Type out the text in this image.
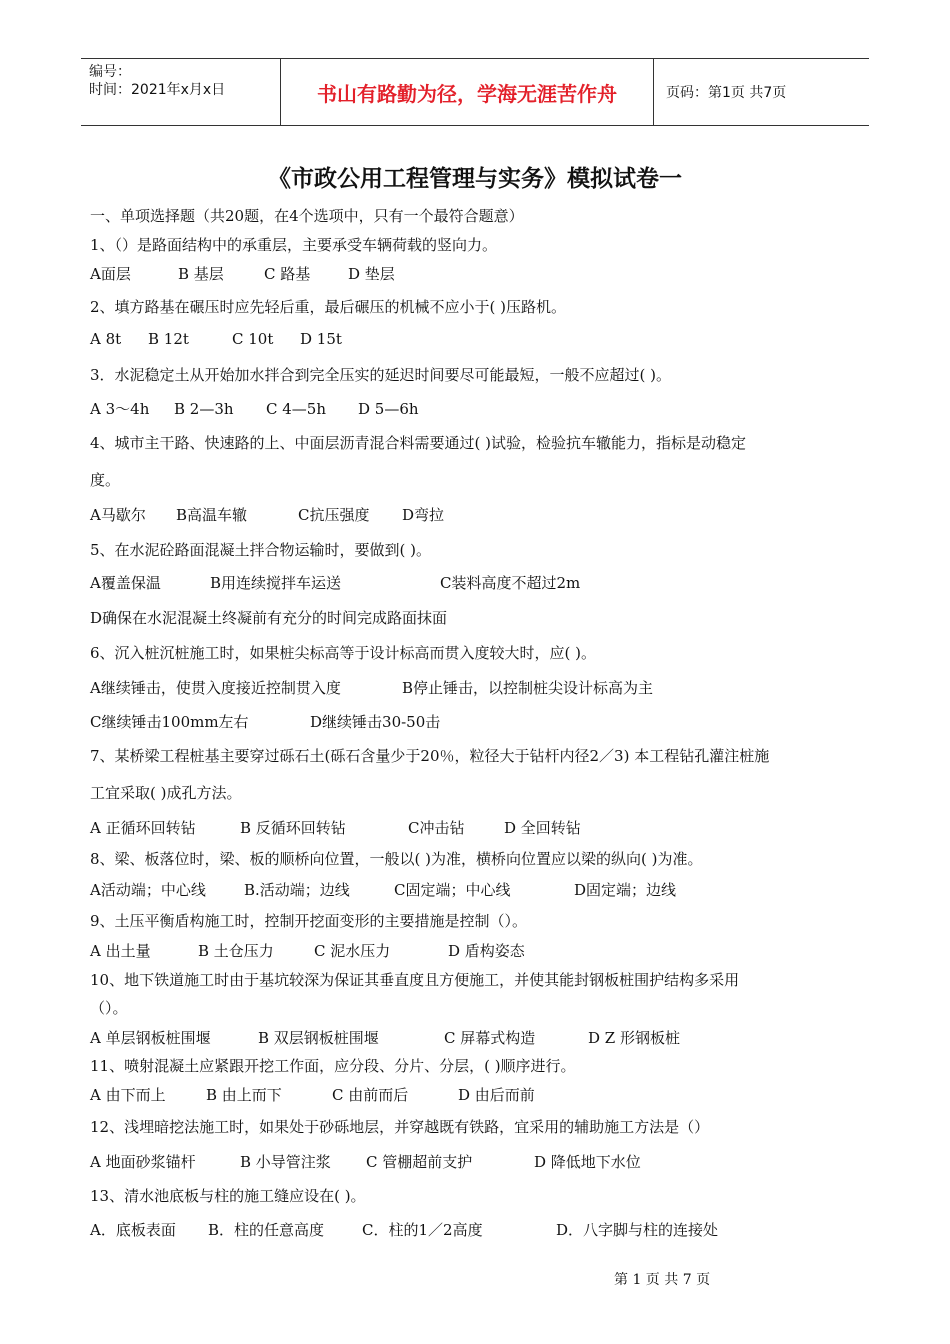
编号：
时间：2021年x月x日	书山有路勤为径，学海无涯苦作舟	页码：第1页 共7页
《市政公用工程管理与实务》模拟试卷一
一、单项选择题（共20题，在4个选项中，只有一个最符合题意）
1、（）是路面结构中的承重层，主要承受车辆荷载的竖向力。
A面层	B 基层	C 路基	D 垫层
2、填方路基在碾压时应先轻后重，最后碾压的机械不应小于( )压路机。
A 8t B 12t	C 10t D 15t
3．水泥稳定土从开始加水拌合到完全压实的延迟时间要尽可能最短，一般不应超过( )。
A 3～4h B 2—3h C 4—5h D 5—6h
4、城市主干路、快速路的上、中面层沥青混合料需要通过( )试验，检验抗车辙能力，指标是动稳定
度。
A马歇尔 B高温车辙	C抗压强度 D弯拉
5、在水泥砼路面混凝土拌合物运输时，要做到( )。
A覆盖保温	B用连续搅拌车运送	C装料高度不超过2m
D确保在水泥混凝土终凝前有充分的时间完成路面抹面
6、沉入桩沉桩施工时，如果桩尖标高等于设计标高而贯入度较大时，应( )。
A继续锤击，使贯入度接近控制贯入度	B停止锤击，以控制桩尖设计标高为主
C继续锤击100mm左右	D继续锤击30-50击
7、某桥梁工程桩基主要穿过砾石土(砾石含量少于20％，粒径大于钻杆内径2／3) 本工程钻孔灌注桩施
工宜采取( )成孔方法。
A 正循环回转钻	B 反循环回转钻	C冲击钻	D 全回转钻
8、梁、板落位时，梁、板的顺桥向位置，一般以( )为准，横桥向位置应以梁的纵向( )为准。
A活动端；中心线	B.活动端；边线	C固定端；中心线	D固定端；边线
9、土压平衡盾构施工时，控制开挖面变形的主要措施是控制（）。
A 出土量	B 土仓压力	C 泥水压力	D 盾构姿态
10、地下铁道施工时由于基坑较深为保证其垂直度且方便施工，并使其能封钢板桩围护结构多采用
（）。
A 单层钢板桩围堰	B 双层钢板桩围堰	C 屏幕式构造	D Z 形钢板桩
11、喷射混凝土应紧跟开挖工作面，应分段、分片、分层，( )顺序进行。
A 由下而上	B 由上而下	C 由前而后	D 由后而前
12、浅埋暗挖法施工时，如果处于砂砾地层，并穿越既有铁路，宜采用的辅助施工方法是（）
A 地面砂浆锚杆	B 小导管注浆 C 管棚超前支护	D 降低地下水位
13、清水池底板与柱的施工缝应设在( )。
A．底板表面 B．柱的任意高度	C．柱的1／2高度	D．八字脚与柱的连接处
第 1 页 共 7 页
